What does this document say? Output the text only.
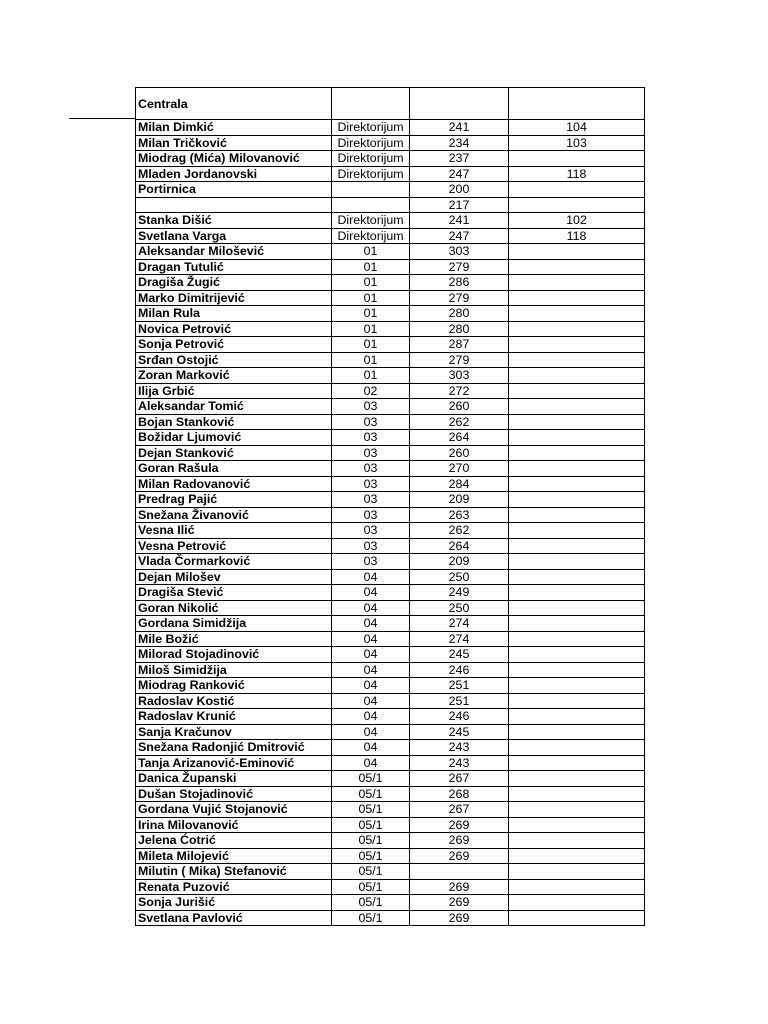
Centrala			
Milan Dimkić	Direktorijum	241	104
Milan Tričković	Direktorijum	234	103
Miodrag (Mića) Milovanović	Direktorijum	237	
Mladen Jordanovski	Direktorijum	247	118
Portirnica		200	
		217	
Stanka Dišić	Direktorijum	241	102
Svetlana Varga	Direktorijum	247	118
Aleksandar Milošević	01	303	
Dragan Tutulić	01	279	
Dragiša Žugić	01	286	
Marko Dimitrijević	01	279	
Milan Rula	01	280	
Novica Petrović	01	280	
Sonja Petrović	01	287	
Srđan Ostojić	01	279	
Zoran Marković	01	303	
Ilija Grbić	02	272	
Aleksandar Tomić	03	260	
Bojan Stanković	03	262	
Božidar Ljumović	03	264	
Dejan Stanković	03	260	
Goran Rašula	03	270	
Milan Radovanović	03	284	
Predrag Pajić	03	209	
Snežana Živanović	03	263	
Vesna Ilić	03	262	
Vesna Petrović	03	264	
Vlada Čormarković	03	209	
Dejan Milošev	04	250	
Dragiša Stević	04	249	
Goran Nikolić	04	250	
Gordana Simidžija	04	274	
Mile Božić	04	274	
Milorad Stojadinović	04	245	
Miloš Simidžija	04	246	
Miodrag Ranković	04	251	
Radoslav Kostić	04	251	
Radoslav Krunić	04	246	
Sanja Kračunov	04	245	
Snežana Radonjić Dmitrović	04	243	
Tanja Arizanović-Eminović	04	243	
Danica Županski	05/1	267	
Dušan Stojadinović	05/1	268	
Gordana Vujić Stojanović	05/1	267	
Irina Milovanović	05/1	269	
Jelena Ćotrić	05/1	269	
Mileta Milojević	05/1	269	
Milutin ( Mika) Stefanović	05/1		
Renata Puzović	05/1	269	
Sonja Jurišić	05/1	269	
Svetlana Pavlović	05/1	269	
